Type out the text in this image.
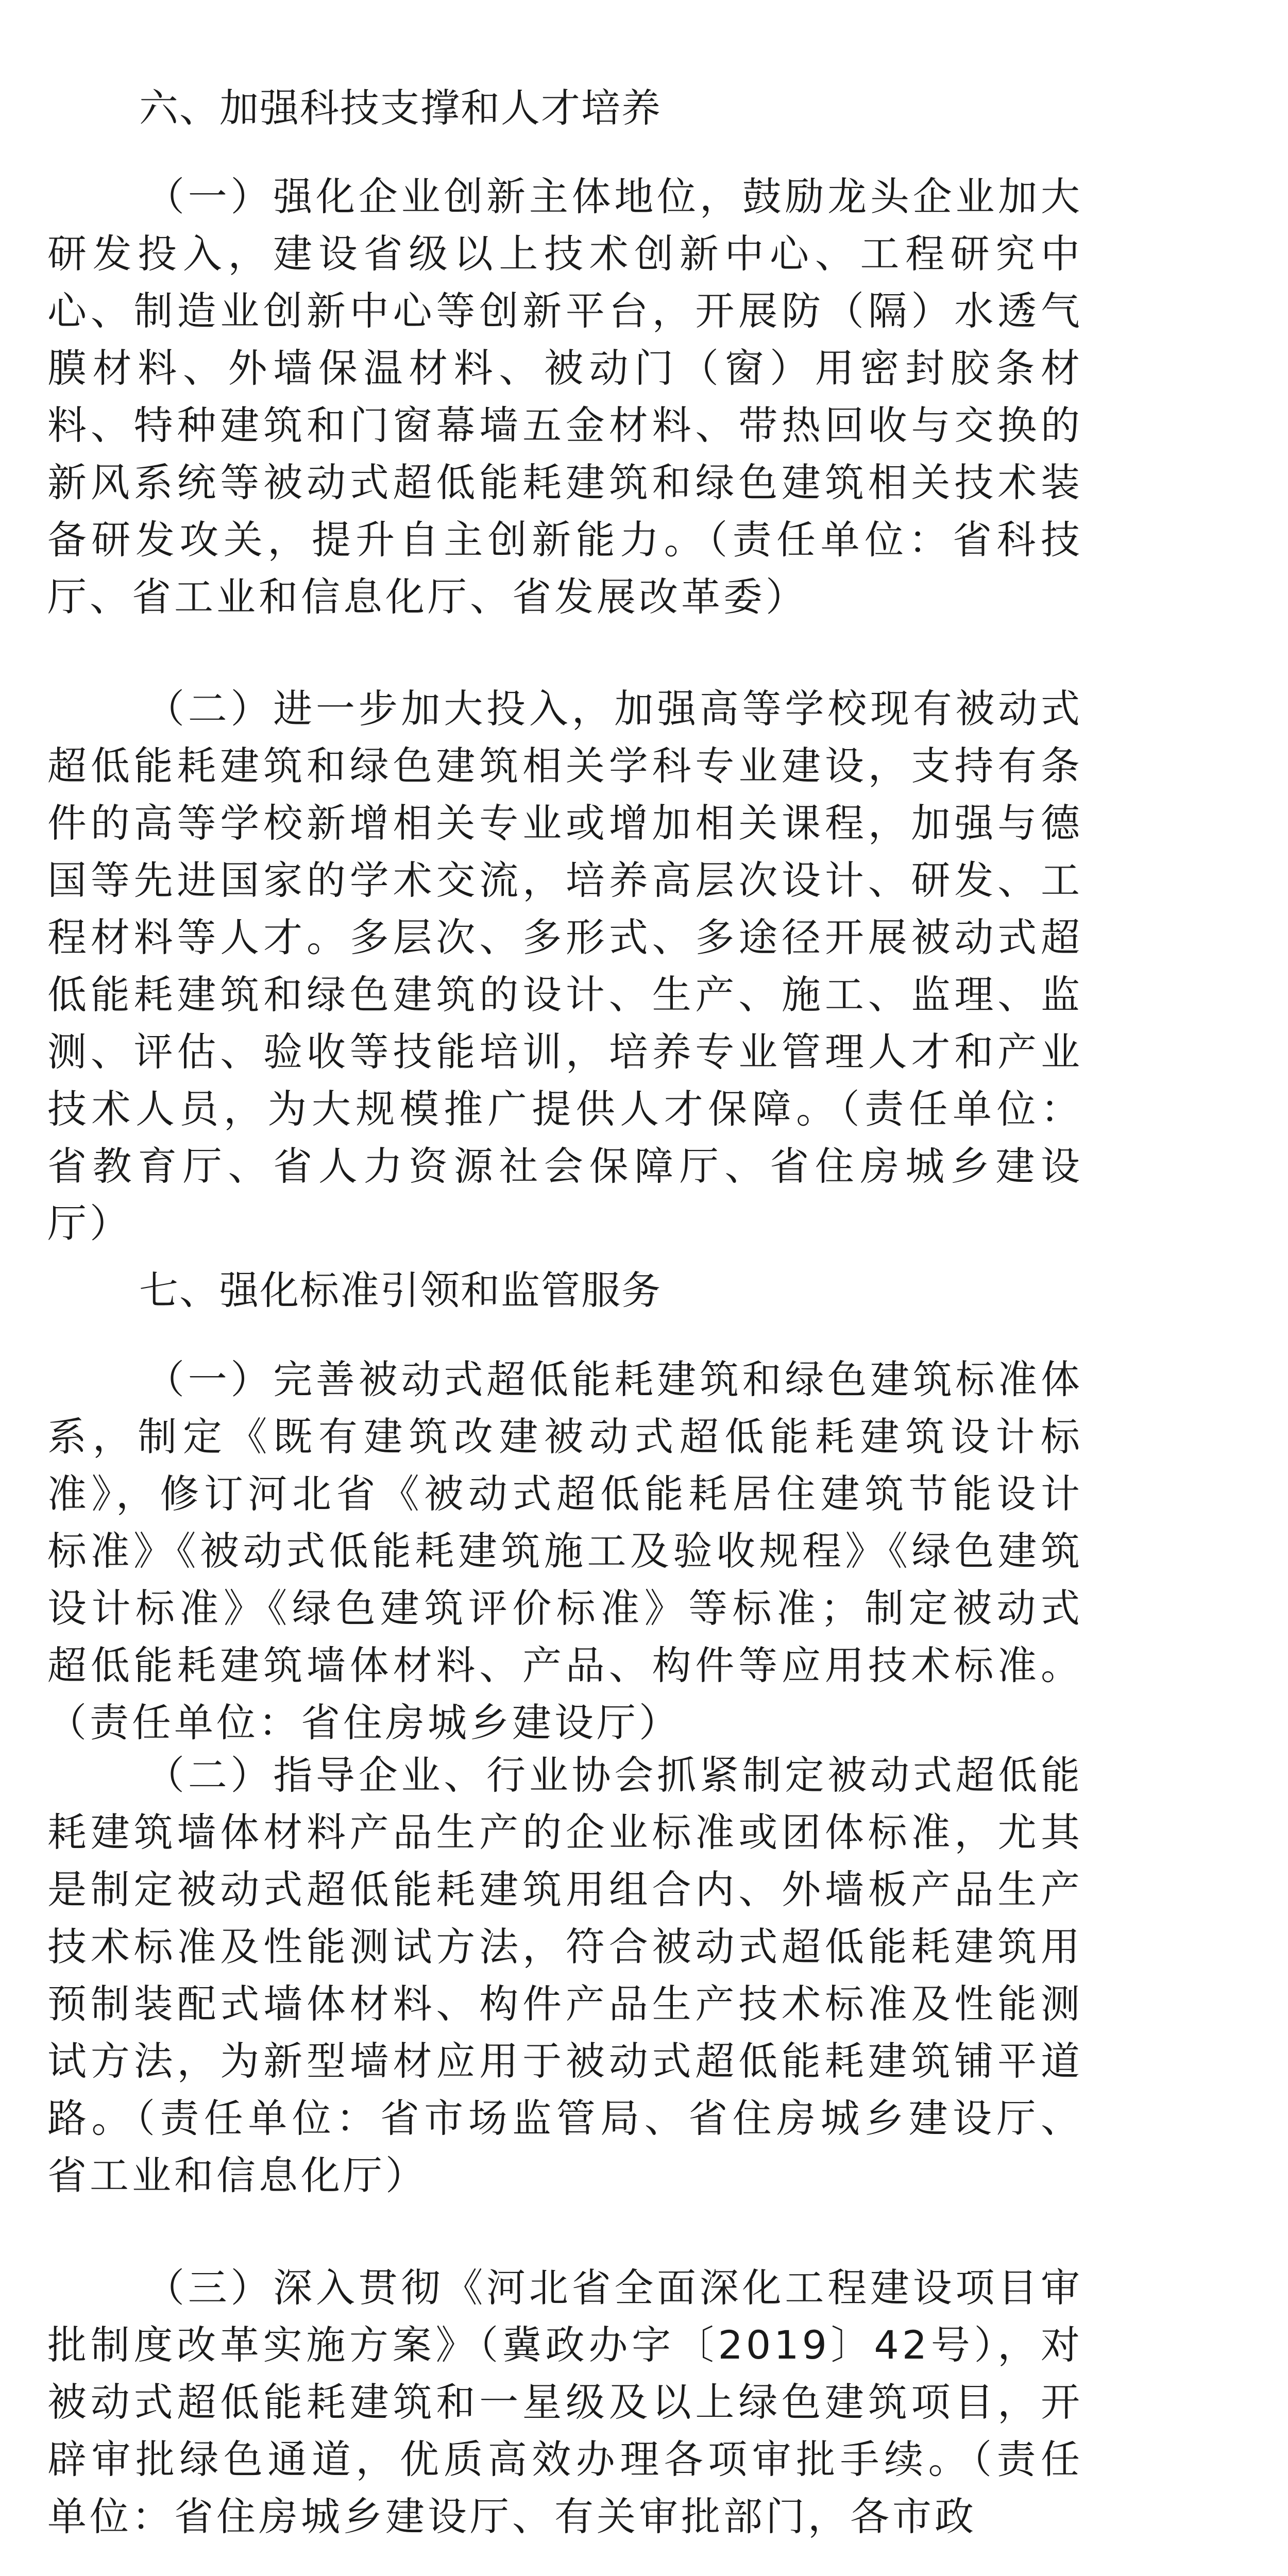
六、加强科技支撑和人才培养

（一）强化企业创新主体地位，鼓励龙头企业加大研发投入，建设省级以上技术创新中心、工程研究中心、制造业创新中心等创新平台，开展防（隔）水透气膜材料、外墙保温材料、被动门（窗）用密封胶条材料、特种建筑和门窗幕墙五金材料、带热回收与交换的新风系统等被动式超低能耗建筑和绿色建筑相关技术装备研发攻关，提升自主创新能力。（责任单位：省科技厅、省工业和信息化厅、省发展改革委）

（二）进一步加大投入，加强高等学校现有被动式超低能耗建筑和绿色建筑相关学科专业建设，支持有条件的高等学校新增相关专业或增加相关课程，加强与德国等先进国家的学术交流，培养高层次设计、研发、工程材料等人才。多层次、多形式、多途径开展被动式超低能耗建筑和绿色建筑的设计、生产、施工、监理、监测、评估、验收等技能培训，培养专业管理人才和产业技术人员，为大规模推广提供人才保障。（责任单位：省教育厅、省人力资源社会保障厅、省住房城乡建设厅）

七、强化标准引领和监管服务

（一）完善被动式超低能耗建筑和绿色建筑标准体系，制定《既有建筑改建被动式超低能耗建筑设计标准》，修订河北省《被动式超低能耗居住建筑节能设计标准》《被动式低能耗建筑施工及验收规程》《绿色建筑设计标准》《绿色建筑评价标准》等标准；制定被动式超低能耗建筑墙体材料、产品、构件等应用技术标准。（责任单位：省住房城乡建设厅）

（二）指导企业、行业协会抓紧制定被动式超低能耗建筑墙体材料产品生产的企业标准或团体标准，尤其是制定被动式超低能耗建筑用组合内、外墙板产品生产技术标准及性能测试方法，符合被动式超低能耗建筑用预制装配式墙体材料、构件产品生产技术标准及性能测试方法，为新型墙材应用于被动式超低能耗建筑铺平道路。（责任单位：省市场监管局、省住房城乡建设厅、省工业和信息化厅）

（三）深入贯彻《河北省全面深化工程建设项目审批制度改革实施方案》（冀政办字〔2019〕42号），对被动式超低能耗建筑和一星级及以上绿色建筑项目，开辟审批绿色通道，优质高效办理各项审批手续。（责任单位：省住房城乡建设厅、有关审批部门，各市政
